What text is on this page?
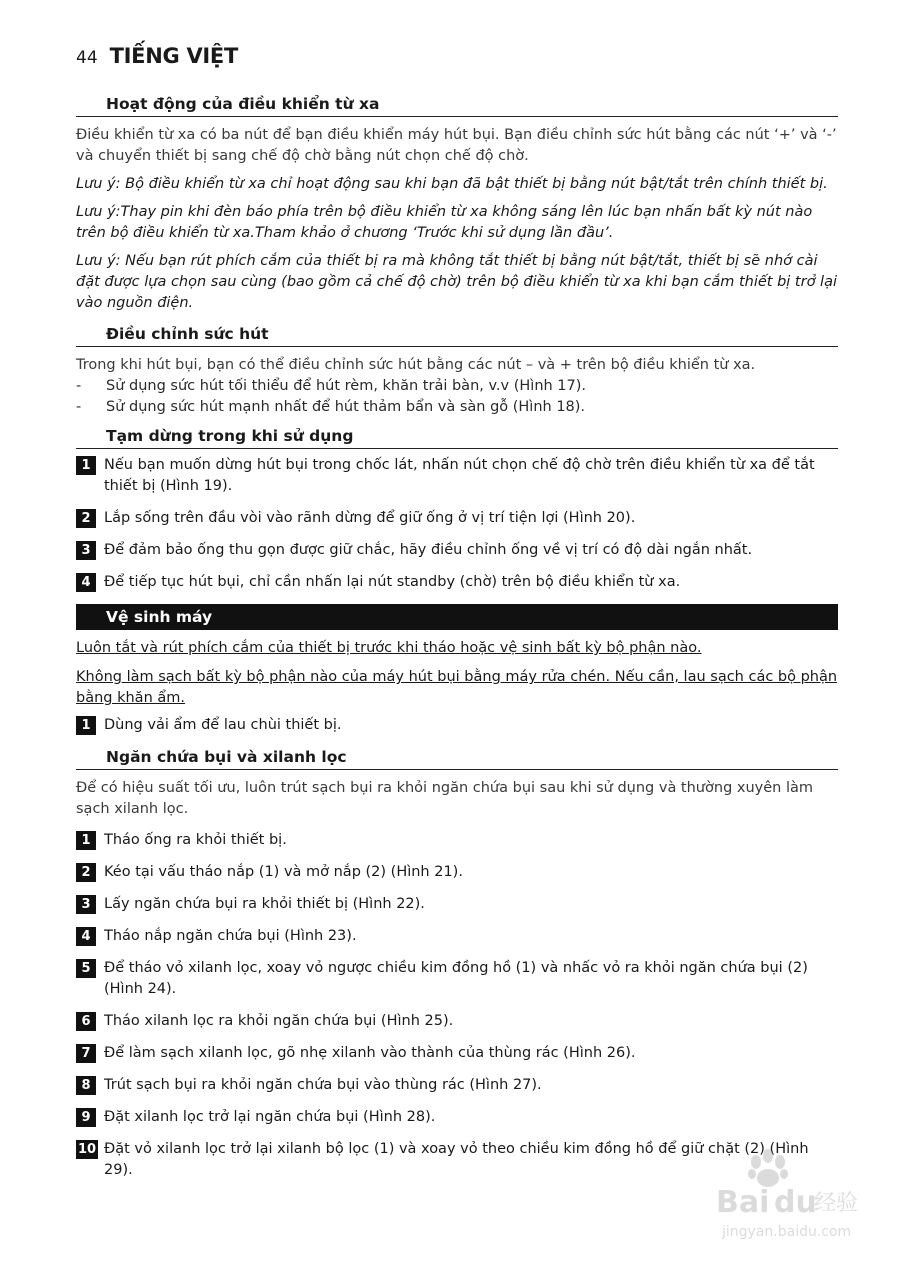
44 TIẾNG VIỆT
Hoạt động của điều khiển từ xa
Điều khiển từ xa có ba nút để bạn điều khiển máy hút bụi. Bạn điều chỉnh sức hút bằng các nút ‘+’ và ‘-’ và chuyển thiết bị sang chế độ chờ bằng nút chọn chế độ chờ.
Lưu ý: Bộ điều khiển từ xa chỉ hoạt động sau khi bạn đã bật thiết bị bằng nút bật/tắt trên chính thiết bị.
Lưu ý:Thay pin khi đèn báo phía trên bộ điều khiển từ xa không sáng lên lúc bạn nhấn bất kỳ nút nào trên bộ điều khiển từ xa.Tham khảo ở chương ‘Trước khi sử dụng lần đầu’.
Lưu ý: Nếu bạn rút phích cắm của thiết bị ra mà không tắt thiết bị bằng nút bật/tắt, thiết bị sẽ nhớ cài đặt được lựa chọn sau cùng (bao gồm cả chế độ chờ) trên bộ điều khiển từ xa khi bạn cắm thiết bị trở lại vào nguồn điện.
Điều chỉnh sức hút
Trong khi hút bụi, bạn có thể điều chỉnh sức hút bằng các nút – và + trên bộ điều khiển từ xa.
-	Sử dụng sức hút tối thiểu để hút rèm, khăn trải bàn, v.v (Hình 17).
-	Sử dụng sức hút mạnh nhất để hút thảm bẩn và sàn gỗ (Hình 18).
Tạm dừng trong khi sử dụng
1 Nếu bạn muốn dừng hút bụi trong chốc lát, nhấn nút chọn chế độ chờ trên điều khiển từ xa để tắt thiết bị (Hình 19).
2 Lắp sống trên đầu vòi vào rãnh dừng để giữ ống ở vị trí tiện lợi (Hình 20).
3 Để đảm bảo ống thu gọn được giữ chắc, hãy điều chỉnh ống về vị trí có độ dài ngắn nhất.
4 Để tiếp tục hút bụi, chỉ cần nhấn lại nút standby (chờ) trên bộ điều khiển từ xa.
Vệ sinh máy
Luôn tắt và rút phích cắm của thiết bị trước khi tháo hoặc vệ sinh bất kỳ bộ phận nào.
Không làm sạch bất kỳ bộ phận nào của máy hút bụi bằng máy rửa chén. Nếu cần, lau sạch các bộ phận bằng khăn ẩm.
1 Dùng vải ẩm để lau chùi thiết bị.
Ngăn chứa bụi và xilanh lọc
Để có hiệu suất tối ưu, luôn trút sạch bụi ra khỏi ngăn chứa bụi sau khi sử dụng và thường xuyên làm sạch xilanh lọc.
1 Tháo ống ra khỏi thiết bị.
2 Kéo tại vấu tháo nắp (1) và mở nắp (2) (Hình 21).
3 Lấy ngăn chứa bụi ra khỏi thiết bị (Hình 22).
4 Tháo nắp ngăn chứa bụi (Hình 23).
5 Để tháo vỏ xilanh lọc, xoay vỏ ngược chiều kim đồng hồ (1) và nhấc vỏ ra khỏi ngăn chứa bụi (2) (Hình 24).
6 Tháo xilanh lọc ra khỏi ngăn chứa bụi (Hình 25).
7 Để làm sạch xilanh lọc, gõ nhẹ xilanh vào thành của thùng rác (Hình 26).
8 Trút sạch bụi ra khỏi ngăn chứa bụi vào thùng rác (Hình 27).
9 Đặt xilanh lọc trở lại ngăn chứa bụi (Hình 28).
10 Đặt vỏ xilanh lọc trở lại xilanh bộ lọc (1) và xoay vỏ theo chiều kim đồng hồ để giữ chặt (2) (Hình 29).
Bai du
经验
jingyan.baidu.com
